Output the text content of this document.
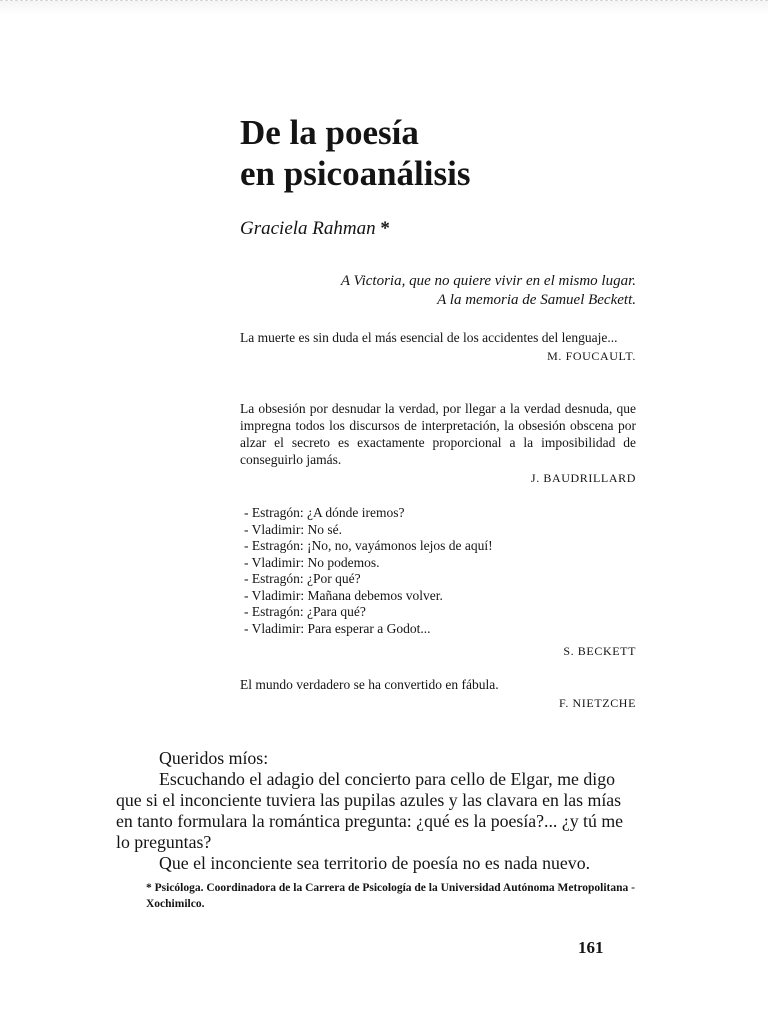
De la poesía
en psicoanálisis
Graciela Rahman *
A Victoria, que no quiere vivir en el mismo lugar.
A la memoria de Samuel Beckett.

La muerte es sin duda el más esencial de los accidentes del lenguaje...

M. FOUCAULT.

La obsesión por desnudar la verdad, por llegar a la verdad desnuda, que impregna todos los discursos de interpretación, la obsesión obscena por alzar el secreto es exactamente proporcional a la imposibilidad de conseguirlo jamás.

J. BAUDRILLARD
- Estragón: ¿A dónde iremos?
- Vladimir: No sé.
- Estragón: ¡No, no, vayámonos lejos de aquí!
- Vladimir: No podemos.
- Estragón: ¿Por qué?
- Vladimir: Mañana debemos volver.
- Estragón: ¿Para qué?
- Vladimir: Para esperar a Godot...
S. BECKETT

El mundo verdadero se ha convertido en fábula.

F. NIETZCHE

Queridos míos:

Escuchando el adagio del concierto para cello de Elgar, me digo

que si el inconciente tuviera las pupilas azules y las clavara en las mías en tanto formulara la romántica pregunta: ¿qué es la poesía?... ¿y tú me lo preguntas?

Que el inconciente sea territorio de poesía no es nada nuevo.

* Psicóloga. Coordinadora de la Carrera de Psicología de la Universidad Autónoma Metropolitana - Xochimilco.
161
